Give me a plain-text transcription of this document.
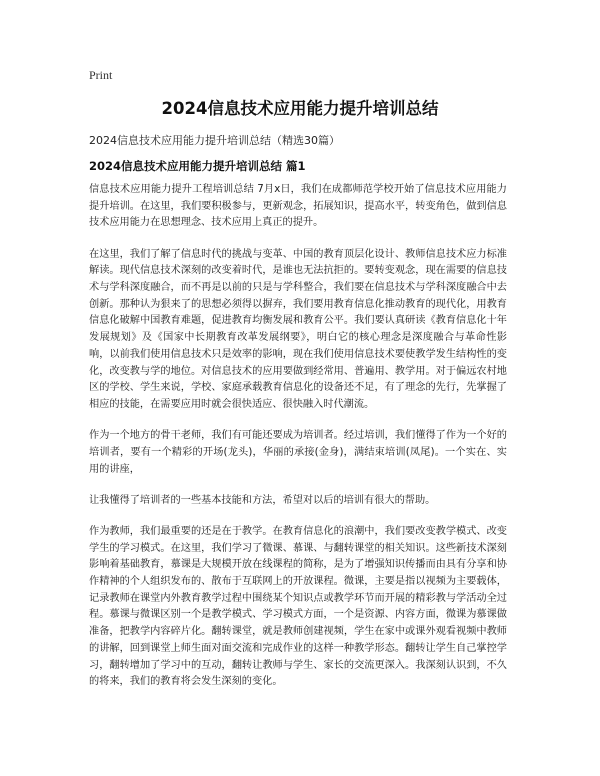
Print
2024信息技术应用能力提升培训总结

2024信息技术应用能力提升培训总结（精选30篇）

2024信息技术应用能力提升培训总结 篇1

信息技术应用能力提升工程培训总结 7月x日，我们在成都师范学校开始了信息技术应用能力提升培训。在这里，我们要积极参与，更新观念，拓展知识，提高水平，转变角色，做到信息技术应用能力在思想理念、技术应用上真正的提升。

在这里，我们了解了信息时代的挑战与变革、中国的教育顶层化设计、教师信息技术应力标准解读。现代信息技术深刻的改变着时代，是谁也无法抗拒的。要转变观念，现在需要的信息技术与学科深度融合，而不再是以前的只是与学科整合，我们要在信息技术与学科深度融合中去创新。那种认为狠来了的思想必须得以摒弃，我们要用教育信息化推动教育的现代化，用教育信息化破解中国教育难题，促进教育均衡发展和教育公平。我们要认真研读《教育信息化十年发展规划》及《国家中长期教育改革发展纲要》，明白它的核心理念是深度融合与革命性影响，以前我们使用信息技术只是效率的影响，现在我们使用信息技术要使教学发生结构性的变化，改变教与学的地位。对信息技术的应用要做到经常用、普遍用、教学用。对于偏远农村地区的学校、学生来说，学校、家庭承载教育信息化的设备还不足，有了理念的先行，先掌握了相应的技能，在需要应用时就会很快适应、很快融入时代潮流。

作为一个地方的骨干老师，我们有可能还要成为培训者。经过培训，我们懂得了作为一个好的培训者，要有一个精彩的开场(龙头)，华丽的承接(金身)，满结束培训(凤尾)。一个实在、实用的讲座，

让我懂得了培训者的一些基本技能和方法，希望对以后的培训有很大的帮助。

作为教师，我们最重要的还是在于教学。在教育信息化的浪潮中，我们要改变教学模式、改变学生的学习模式。在这里，我们学习了微课、慕课、与翻转课堂的相关知识。这些新技术深刻影响着基础教育，慕课是大规模开放在线课程的简称，是为了增强知识传播而由具有分享和协作精神的个人组织发布的、散布于互联网上的开放课程。微课，主要是指以视频为主要载体，记录教师在课堂内外教育教学过程中围绕某个知识点或教学环节而开展的精彩教与学活动全过程。慕课与微课区别一个是教学模式、学习模式方面，一个是资源、内容方面，微课为慕课做准备，把教学内容碎片化。翻转课堂，就是教师创建视频，学生在家中或课外观看视频中教师的讲解，回到课堂上师生面对面交流和完成作业的这样一种教学形态。翻转让学生自己掌控学习，翻转增加了学习中的互动，翻转让教师与学生、家长的交流更深入。我深刻认识到，不久的将来，我们的教育将会发生深刻的变化。
